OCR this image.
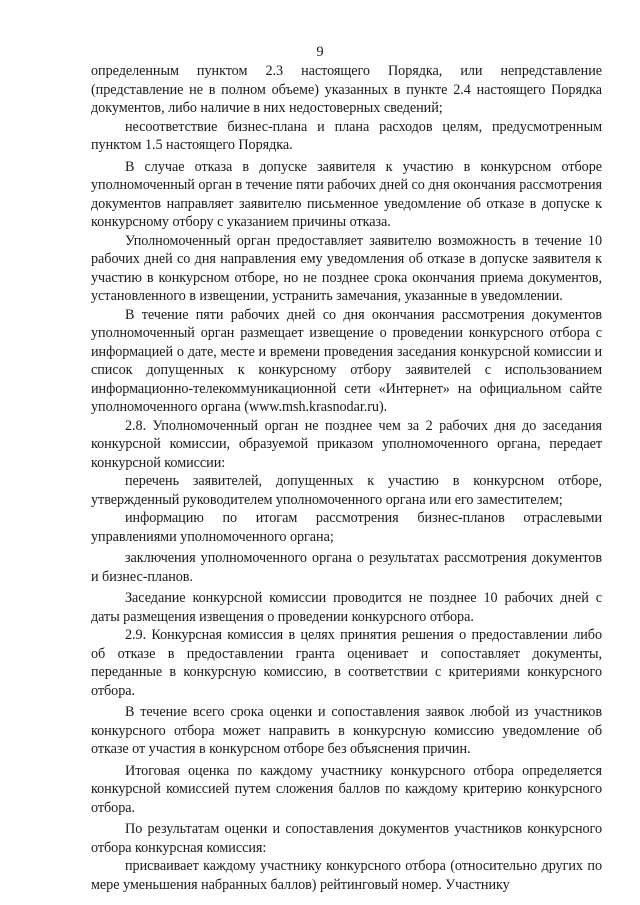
9

определенным пунктом 2.3 настоящего Порядка, или непредставление (представление не в полном объеме) указанных в пункте 2.4 настоящего Порядка документов, либо наличие в них недостоверных сведений;

несоответствие бизнес-плана и плана расходов целям, предусмотренным пунктом 1.5 настоящего Порядка.

В случае отказа в допуске заявителя к участию в конкурсном отборе уполномоченный орган в течение пяти рабочих дней со дня окончания рассмотрения документов направляет заявителю письменное уведомление об отказе в допуске к конкурсному отбору с указанием причины отказа.

Уполномоченный орган предоставляет заявителю возможность в течение 10 рабочих дней со дня направления ему уведомления об отказе в допуске заявителя к участию в конкурсном отборе, но не позднее срока окончания приема документов, установленного в извещении, устранить замечания, указанные в уведомлении.

В течение пяти рабочих дней со дня окончания рассмотрения документов уполномоченный орган размещает извещение о проведении конкурсного отбора с информацией о дате, месте и времени проведения заседания конкурсной комиссии и список допущенных к конкурсному отбору заявителей с использованием информационно-телекоммуникационной сети «Интернет» на официальном сайте уполномоченного органа (www.msh.krasnodar.ru).

2.8. Уполномоченный орган не позднее чем за 2 рабочих дня до заседания конкурсной комиссии, образуемой приказом уполномоченного органа, передает конкурсной комиссии:

перечень заявителей, допущенных к участию в конкурсном отборе, утвержденный руководителем уполномоченного органа или его заместителем;

информацию по итогам рассмотрения бизнес-планов отраслевыми управлениями уполномоченного органа;

заключения уполномоченного органа о результатах рассмотрения документов и бизнес-планов.

Заседание конкурсной комиссии проводится не позднее 10 рабочих дней с даты размещения извещения о проведении конкурсного отбора.

2.9. Конкурсная комиссия в целях принятия решения о предоставлении либо об отказе в предоставлении гранта оценивает и сопоставляет документы, переданные в конкурсную комиссию, в соответствии с критериями конкурсного отбора.

В течение всего срока оценки и сопоставления заявок любой из участников конкурсного отбора может направить в конкурсную комиссию уведомление об отказе от участия в конкурсном отборе без объяснения причин.

Итоговая оценка по каждому участнику конкурсного отбора определяется конкурсной комиссией путем сложения баллов по каждому критерию конкурсного отбора.

По результатам оценки и сопоставления документов участников конкурсного отбора конкурсная комиссия:

присваивает каждому участнику конкурсного отбора (относительно других по мере уменьшения набранных баллов) рейтинговый номер. Участнику
